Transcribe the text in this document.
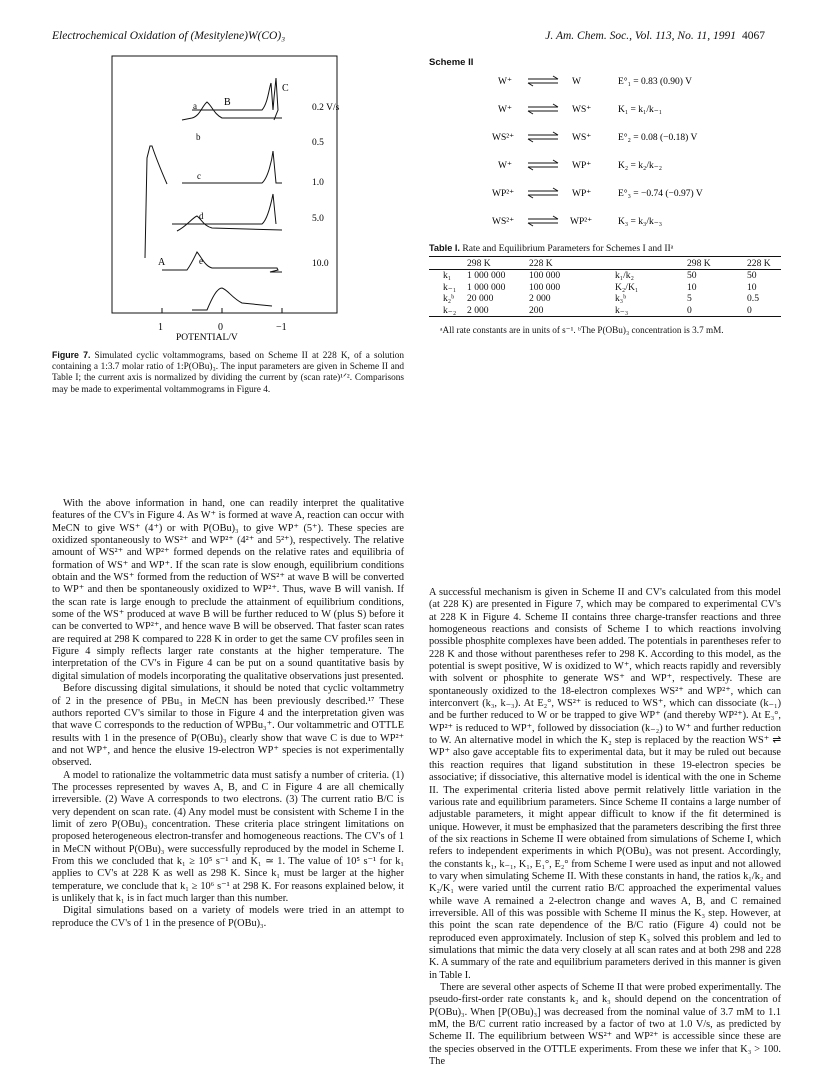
Electrochemical Oxidation of (Mesitylene)W(CO)₃	J. Am. Chem. Soc., Vol. 113, No. 11, 1991 4067
A
B
C
a
b
c
d
e
0.2 V/s
0.5
1.0
5.0
10.0
1	0	−1
POTENTIAL/V
Figure 7. Simulated cyclic voltammograms, based on Scheme II at 228 K, of a solution containing a 1:3.7 molar ratio of 1:P(OBu)₃. The input parameters are given in Scheme II and Table I; the current axis is normalized by dividing the current by (scan rate)¹ᐟ². Comparisons may be made to experimental voltammograms in Figure 4.

With the above information in hand, one can readily interpret the qualitative features of the CV's in Figure 4. As W⁺ is formed at wave A, reaction can occur with MeCN to give WS⁺ (4⁺) or with P(OBu)₃ to give WP⁺ (5⁺). These species are oxidized spontaneously to WS²⁺ and WP²⁺ (4²⁺ and 5²⁺), respectively. The relative amount of WS²⁺ and WP²⁺ formed depends on the relative rates and equilibria of formation of WS⁺ and WP⁺. If the scan rate is slow enough, equilibrium conditions obtain and the WS⁺ formed from the reduction of WS²⁺ at wave B will be converted to WP⁺ and then be spontaneously oxidized to WP²⁺. Thus, wave B will vanish. If the scan rate is large enough to preclude the attainment of equilibrium conditions, some of the WS⁺ produced at wave B will be further reduced to W (plus S) before it can be converted to WP²⁺, and hence wave B will be observed. That faster scan rates are required at 298 K compared to 228 K in order to get the same CV profiles seen in Figure 4 simply reflects larger rate constants at the higher temperature. The interpretation of the CV's in Figure 4 can be put on a sound quantitative basis by digital simulation of models incorporating the qualitative observations just presented.

Before discussing digital simulations, it should be noted that cyclic voltammetry of 2 in the presence of PBu₃ in MeCN has been previously described.¹⁷ These authors reported CV's similar to those in Figure 4 and the interpretation given was that wave C corresponds to the reduction of WPBu₃⁺. Our voltammetric and OTTLE results with 1 in the presence of P(OBu)₃ clearly show that wave C is due to WP²⁺ and not WP⁺, and hence the elusive 19-electron WP⁺ species is not experimentally observed.

A model to rationalize the voltammetric data must satisfy a number of criteria. (1) The processes represented by waves A, B, and C in Figure 4 are all chemically irreversible. (2) Wave A corresponds to two electrons. (3) The current ratio B/C is very dependent on scan rate. (4) Any model must be consistent with Scheme I in the limit of zero P(OBu)₃ concentration. These criteria place stringent limitations on proposed heterogeneous electron-transfer and homogeneous reactions. The CV's of 1 in MeCN without P(OBu)₃ were successfully reproduced by the model in Scheme I. From this we concluded that k₁ ≥ 10⁵ s⁻¹ and K₁ ≃ 1. The value of 10⁵ s⁻¹ for k₁ applies to CV's at 228 K as well as 298 K. Since k₁ must be larger at the higher temperature, we conclude that k₁ ≥ 10⁶ s⁻¹ at 298 K. For reasons explained below, it is unlikely that k₁ is in fact much larger than this number.

Digital simulations based on a variety of models were tried in an attempt to reproduce the CV's of 1 in the presence of P(OBu)₃.

Scheme II
W⁺	W	E°₁ = 0.83 (0.90) V
W⁺	WS⁺	K₁ = k₁/k₋₁
WS²⁺	WS⁺	E°₂ = 0.08 (−0.18) V
W⁺	WP⁺	K₂ = k₂/k₋₂
WP²⁺	WP⁺	E°₃ = −0.74 (−0.97) V
WS²⁺	WP²⁺	K₃ = k₃/k₋₃
Table I. Rate and Equilibrium Parameters for Schemes I and IIᵃ
	298 K	228 K		298 K	228 K
k₁	1 000 000	100 000	k₁/k₂	50	50
k₋₁	1 000 000	100 000	K₂/K₁	10	10
k₂ᵇ	20 000	2 000	k₃ᵇ	5	0.5
k₋₂	2 000	200	k₋₃	0	0

ᵃAll rate constants are in units of s⁻¹. ᵇThe P(OBu)₃ concentration is 3.7 mM.

A successful mechanism is given in Scheme II and CV's calculated from this model (at 228 K) are presented in Figure 7, which may be compared to experimental CV's at 228 K in Figure 4. Scheme II contains three charge-transfer reactions and three homogeneous reactions and consists of Scheme I to which reactions involving possible phosphite complexes have been added. The potentials in parentheses refer to 228 K and those without parentheses refer to 298 K. According to this model, as the potential is swept positive, W is oxidized to W⁺, which reacts rapidly and reversibly with solvent or phosphite to generate WS⁺ and WP⁺, respectively. These are spontaneously oxidized to the 18-electron complexes WS²⁺ and WP²⁺, which can interconvert (k₃, k₋₃). At E₂°, WS²⁺ is reduced to WS⁺, which can dissociate (k₋₁) and be further reduced to W or be trapped to give WP⁺ (and thereby WP²⁺). At E₃°, WP²⁺ is reduced to WP⁺, followed by dissociation (k₋₂) to W⁺ and further reduction to W. An alternative model in which the K₂ step is replaced by the reaction WS⁺ ⇌ WP⁺ also gave acceptable fits to experimental data, but it may be ruled out because this reaction requires that ligand substitution in these 19-electron species be associative; if dissociative, this alternative model is identical with the one in Scheme II. The experimental criteria listed above permit relatively little variation in the various rate and equilibrium parameters. Since Scheme II contains a large number of adjustable parameters, it might appear difficult to know if the fit determined is unique. However, it must be emphasized that the parameters describing the first three of the six reactions in Scheme II were obtained from simulations of Scheme I, which refers to independent experiments in which P(OBu)₃ was not present. Accordingly, the constants k₁, k₋₁, K₁, E₁°, E₂° from Scheme I were used as input and not allowed to vary when simulating Scheme II. With these constants in hand, the ratios k₁/k₂ and K₂/K₁ were varied until the current ratio B/C approached the experimental values while wave A remained a 2-electron change and waves A, B, and C remained irreversible. All of this was possible with Scheme II minus the K₃ step. However, at this point the scan rate dependence of the B/C ratio (Figure 4) could not be reproduced even approximately. Inclusion of step K₃ solved this problem and led to simulations that mimic the data very closely at all scan rates and at both 298 and 228 K. A summary of the rate and equilibrium parameters derived in this manner is given in Table I.

There are several other aspects of Scheme II that were probed experimentally. The pseudo-first-order rate constants k₂ and k₃ should depend on the concentration of P(OBu)₃. When [P(OBu)₃] was decreased from the nominal value of 3.7 mM to 1.1 mM, the B/C current ratio increased by a factor of two at 1.0 V/s, as predicted by Scheme II. The equilibrium between WS²⁺ and WP²⁺ is accessible since these are the species observed in the OTTLE experiments. From these we infer that K₃ > 100. The
